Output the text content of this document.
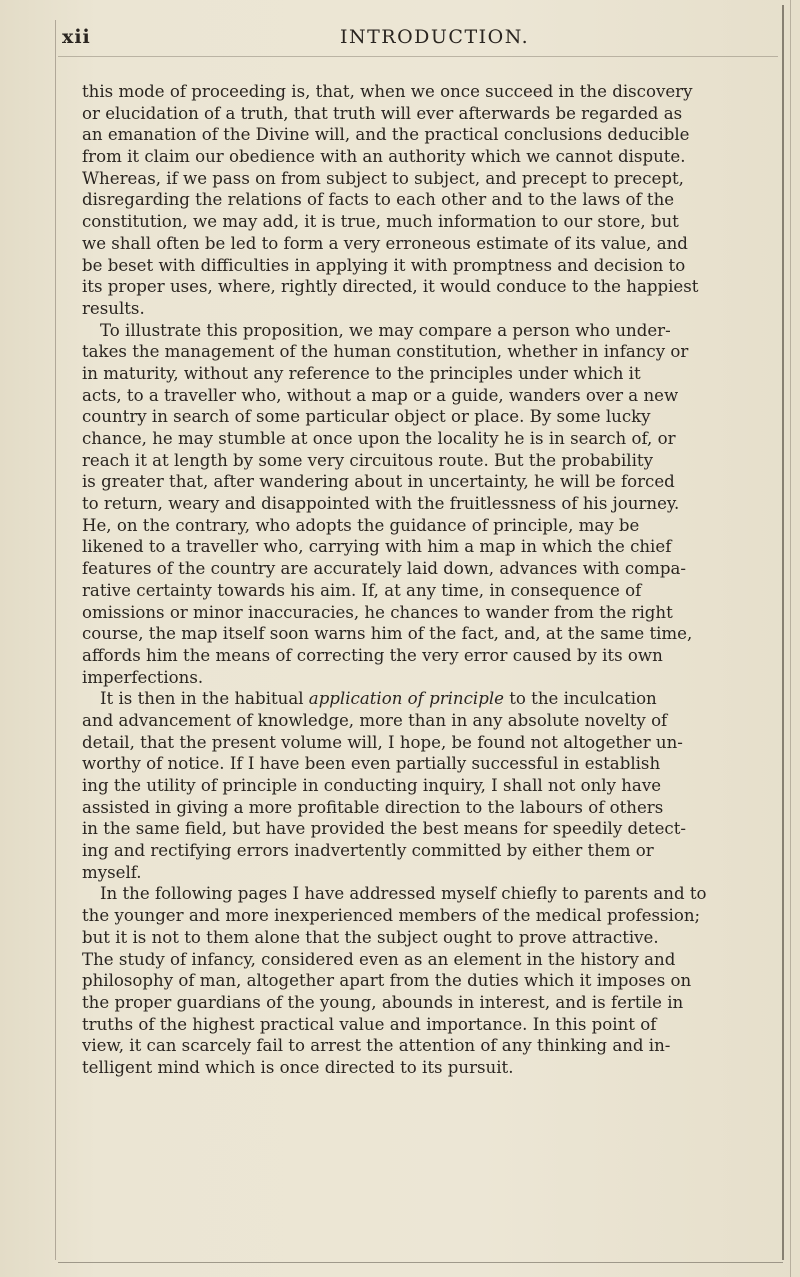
xii	INTRODUCTION.
this mode of proceeding is, that, when we once succeed in the discovery
or elucidation of a truth, that truth will ever afterwards be regarded as
an emanation of the Divine will, and the practical conclusions deducible
from it claim our obedience with an authority which we cannot dispute.
Whereas, if we pass on from subject to subject, and precept to precept,
disregarding the relations of facts to each other and to the laws of the
constitution, we may add, it is true, much information to our store, but
we shall often be led to form a very erroneous estimate of its value, and
be beset with difficulties in applying it with promptness and decision to
its proper uses, where, rightly directed, it would conduce to the happiest
results.
To illustrate this proposition, we may compare a person who under-
takes the management of the human constitution, whether in infancy or
in maturity, without any reference to the principles under which it
acts, to a traveller who, without a map or a guide, wanders over a new
country in search of some particular object or place. By some lucky
chance, he may stumble at once upon the locality he is in search of, or
reach it at length by some very circuitous route. But the probability
is greater that, after wandering about in uncertainty, he will be forced
to return, weary and disappointed with the fruitlessness of his journey.
He, on the contrary, who adopts the guidance of principle, may be
likened to a traveller who, carrying with him a map in which the chief
features of the country are accurately laid down, advances with compa-
rative certainty towards his aim. If, at any time, in consequence of
omissions or minor inaccuracies, he chances to wander from the right
course, the map itself soon warns him of the fact, and, at the same time,
affords him the means of correcting the very error caused by its own
imperfections.
It is then in the habitual application of principle to the inculcation
and advancement of knowledge, more than in any absolute novelty of
detail, that the present volume will, I hope, be found not altogether un-
worthy of notice. If I have been even partially successful in establish
ing the utility of principle in conducting inquiry, I shall not only have
assisted in giving a more profitable direction to the labours of others
in the same field, but have provided the best means for speedily detect-
ing and rectifying errors inadvertently committed by either them or
myself.
In the following pages I have addressed myself chiefly to parents and to
the younger and more inexperienced members of the medical profession;
but it is not to them alone that the subject ought to prove attractive.
The study of infancy, considered even as an element in the history and
philosophy of man, altogether apart from the duties which it imposes on
the proper guardians of the young, abounds in interest, and is fertile in
truths of the highest practical value and importance. In this point of
view, it can scarcely fail to arrest the attention of any thinking and in-
telligent mind which is once directed to its pursuit.
